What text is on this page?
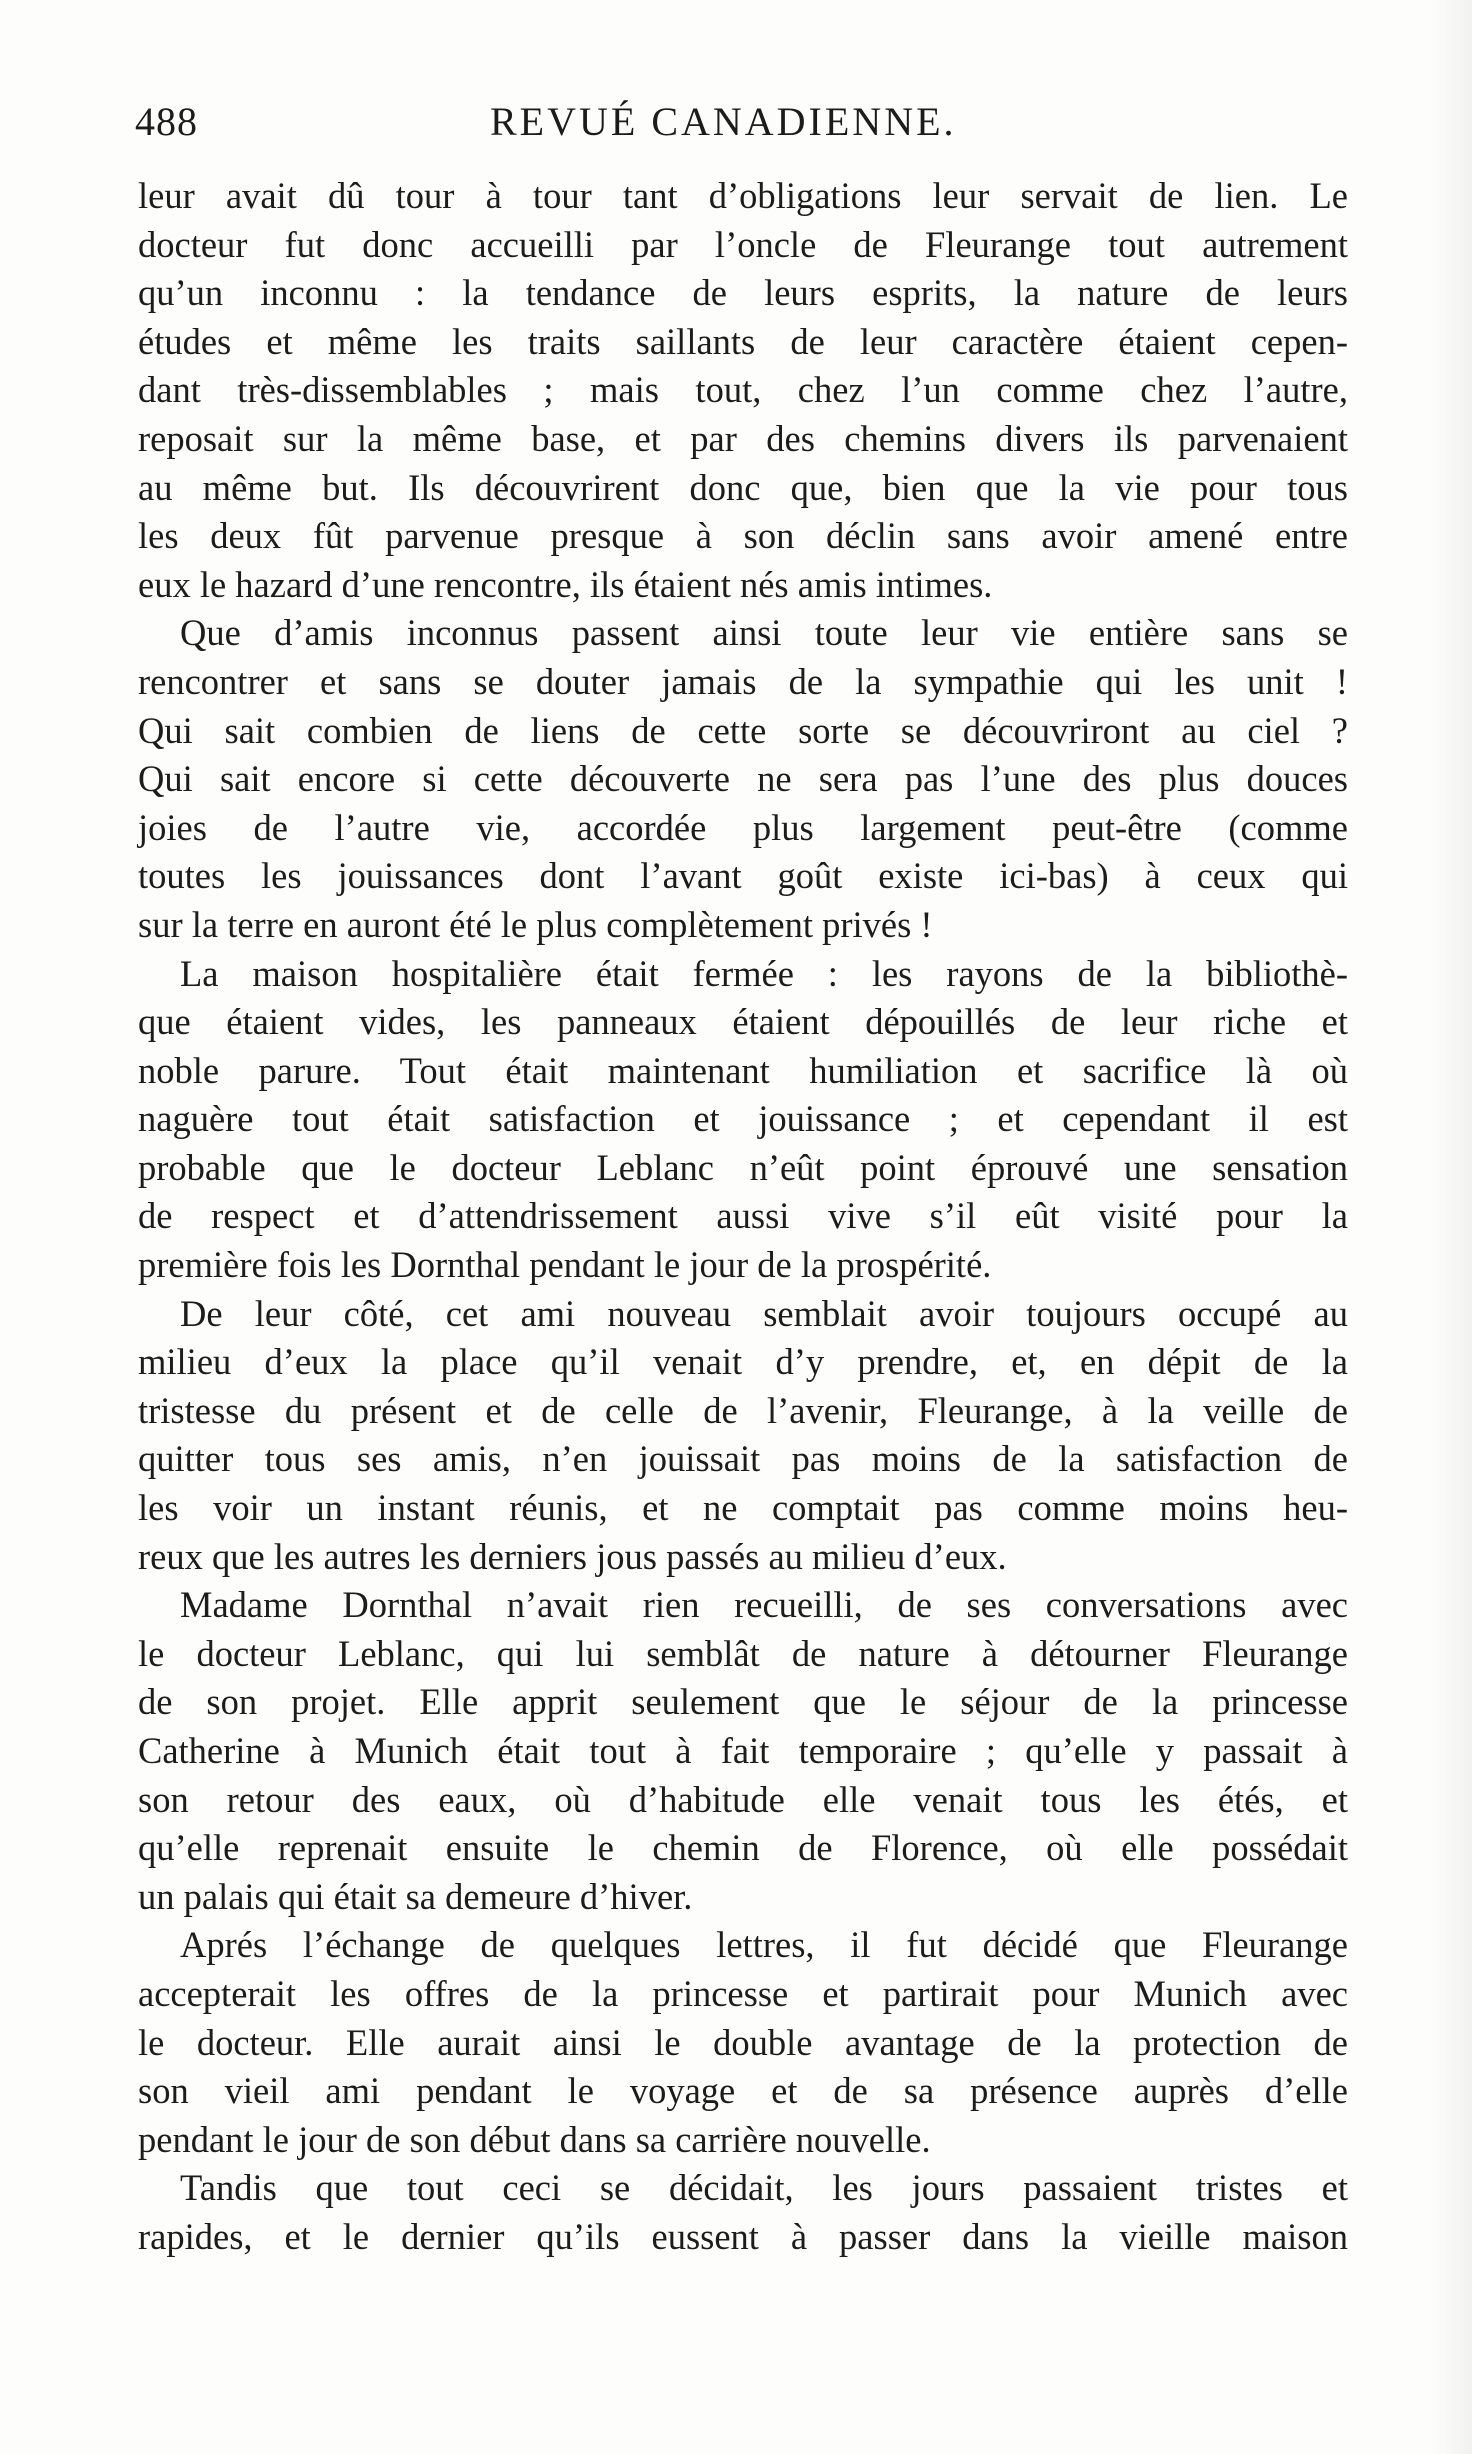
488	REVUÉ CANADIENNE.
leur avait dû tour à tour tant d’obligations leur servait de lien. Le
docteur fut donc accueilli par l’oncle de Fleurange tout autrement
qu’un inconnu : la tendance de leurs esprits, la nature de leurs
études et même les traits saillants de leur caractère étaient cepen-
dant très-dissemblables ; mais tout, chez l’un comme chez l’autre,
reposait sur la même base, et par des chemins divers ils parvenaient
au même but. Ils découvrirent donc que, bien que la vie pour tous
les deux fût parvenue presque à son déclin sans avoir amené entre
eux le hazard d’une rencontre, ils étaient nés amis intimes.
Que d’amis inconnus passent ainsi toute leur vie entière sans se
rencontrer et sans se douter jamais de la sympathie qui les unit !
Qui sait combien de liens de cette sorte se découvriront au ciel ?
Qui sait encore si cette découverte ne sera pas l’une des plus douces
joies de l’autre vie, accordée plus largement peut-être (comme
toutes les jouissances dont l’avant goût existe ici-bas) à ceux qui
sur la terre en auront été le plus complètement privés !
La maison hospitalière était fermée : les rayons de la bibliothè-
que étaient vides, les panneaux étaient dépouillés de leur riche et
noble parure. Tout était maintenant humiliation et sacrifice là où
naguère tout était satisfaction et jouissance ; et cependant il est
probable que le docteur Leblanc n’eût point éprouvé une sensation
de respect et d’attendrissement aussi vive s’il eût visité pour la
première fois les Dornthal pendant le jour de la prospérité.
De leur côté, cet ami nouveau semblait avoir toujours occupé au
milieu d’eux la place qu’il venait d’y prendre, et, en dépit de la
tristesse du présent et de celle de l’avenir, Fleurange, à la veille de
quitter tous ses amis, n’en jouissait pas moins de la satisfaction de
les voir un instant réunis, et ne comptait pas comme moins heu-
reux que les autres les derniers jous passés au milieu d’eux.
Madame Dornthal n’avait rien recueilli, de ses conversations avec
le docteur Leblanc, qui lui semblât de nature à détourner Fleurange
de son projet. Elle apprit seulement que le séjour de la princesse
Catherine à Munich était tout à fait temporaire ; qu’elle y passait à
son retour des eaux, où d’habitude elle venait tous les étés, et
qu’elle reprenait ensuite le chemin de Florence, où elle possédait
un palais qui était sa demeure d’hiver.
Aprés l’échange de quelques lettres, il fut décidé que Fleurange
accepterait les offres de la princesse et partirait pour Munich avec
le docteur. Elle aurait ainsi le double avantage de la protection de
son vieil ami pendant le voyage et de sa présence auprès d’elle
pendant le jour de son début dans sa carrière nouvelle.
Tandis que tout ceci se décidait, les jours passaient tristes et
rapides, et le dernier qu’ils eussent à passer dans la vieille maison
